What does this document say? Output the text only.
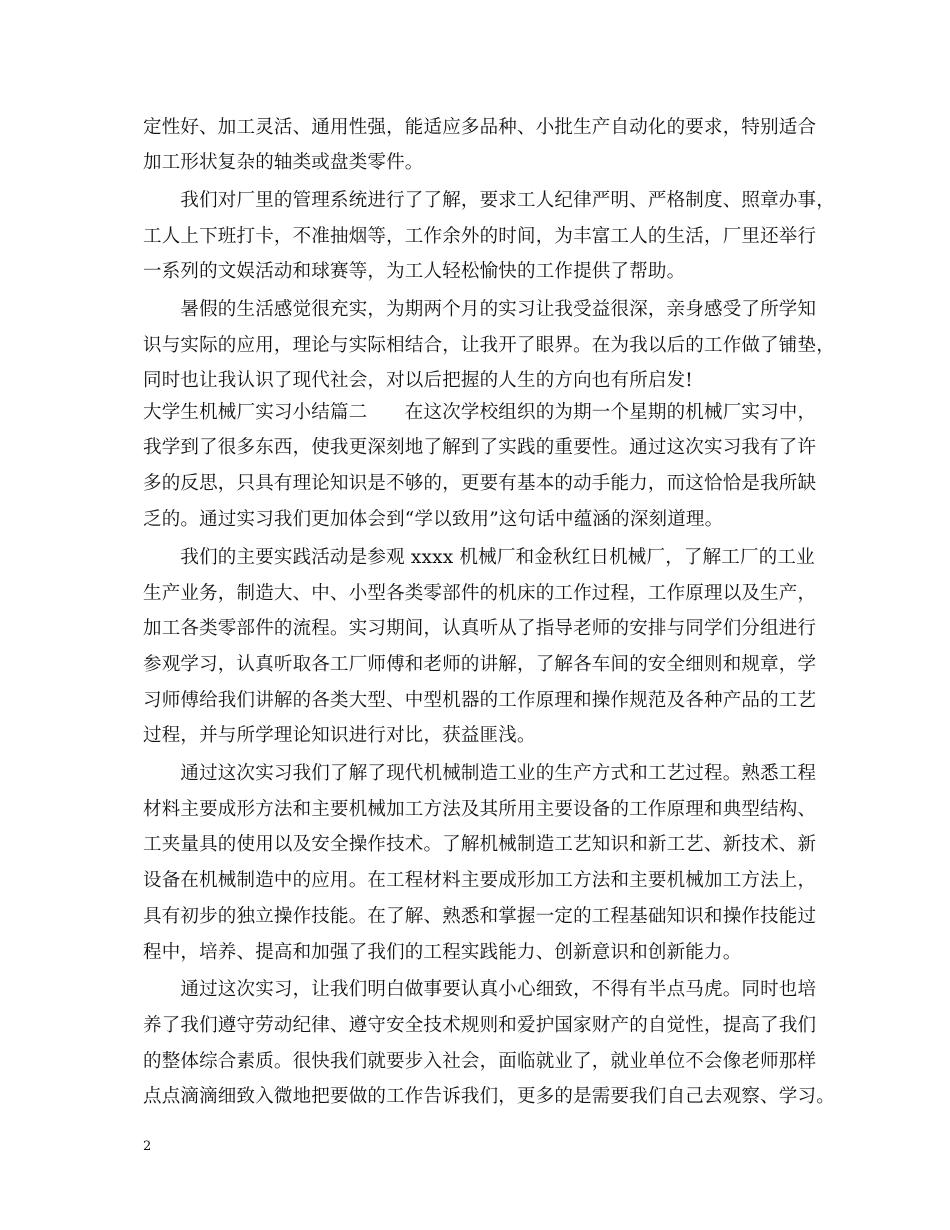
定性好、加工灵活、通用性强，能适应多品种、小批生产自动化的要求，特别适合
加工形状复杂的轴类或盘类零件。
　　我们对厂里的管理系统进行了了解，要求工人纪律严明、严格制度、照章办事，
工人上下班打卡，不准抽烟等，工作余外的时间，为丰富工人的生活，厂里还举行
一系列的文娱活动和球赛等，为工人轻松愉快的工作提供了帮助。
　　暑假的生活感觉很充实，为期两个月的实习让我受益很深，亲身感受了所学知
识与实际的应用，理论与实际相结合，让我开了眼界。在为我以后的工作做了铺垫，
同时也让我认识了现代社会，对以后把握的人生的方向也有所启发!
大学生机械厂实习小结篇二　　在这次学校组织的为期一个星期的机械厂实习中，
我学到了很多东西，使我更深刻地了解到了实践的重要性。通过这次实习我有了许
多的反思，只具有理论知识是不够的，更要有基本的动手能力，而这恰恰是我所缺
乏的。通过实习我们更加体会到“学以致用”这句话中蕴涵的深刻道理。
　　我们的主要实践活动是参观 xxxx 机械厂和金秋红日机械厂，了解工厂的工业
生产业务，制造大、中、小型各类零部件的机床的工作过程，工作原理以及生产，
加工各类零部件的流程。实习期间，认真听从了指导老师的安排与同学们分组进行
参观学习，认真听取各工厂师傅和老师的讲解，了解各车间的安全细则和规章，学
习师傅给我们讲解的各类大型、中型机器的工作原理和操作规范及各种产品的工艺
过程，并与所学理论知识进行对比，获益匪浅。
　　通过这次实习我们了解了现代机械制造工业的生产方式和工艺过程。熟悉工程
材料主要成形方法和主要机械加工方法及其所用主要设备的工作原理和典型结构、
工夹量具的使用以及安全操作技术。了解机械制造工艺知识和新工艺、新技术、新
设备在机械制造中的应用。在工程材料主要成形加工方法和主要机械加工方法上，
具有初步的独立操作技能。在了解、熟悉和掌握一定的工程基础知识和操作技能过
程中，培养、提高和加强了我们的工程实践能力、创新意识和创新能力。
　　通过这次实习，让我们明白做事要认真小心细致，不得有半点马虎。同时也培
养了我们遵守劳动纪律、遵守安全技术规则和爱护国家财产的自觉性，提高了我们
的整体综合素质。很快我们就要步入社会，面临就业了，就业单位不会像老师那样
点点滴滴细致入微地把要做的工作告诉我们，更多的是需要我们自己去观察、学习。
2
